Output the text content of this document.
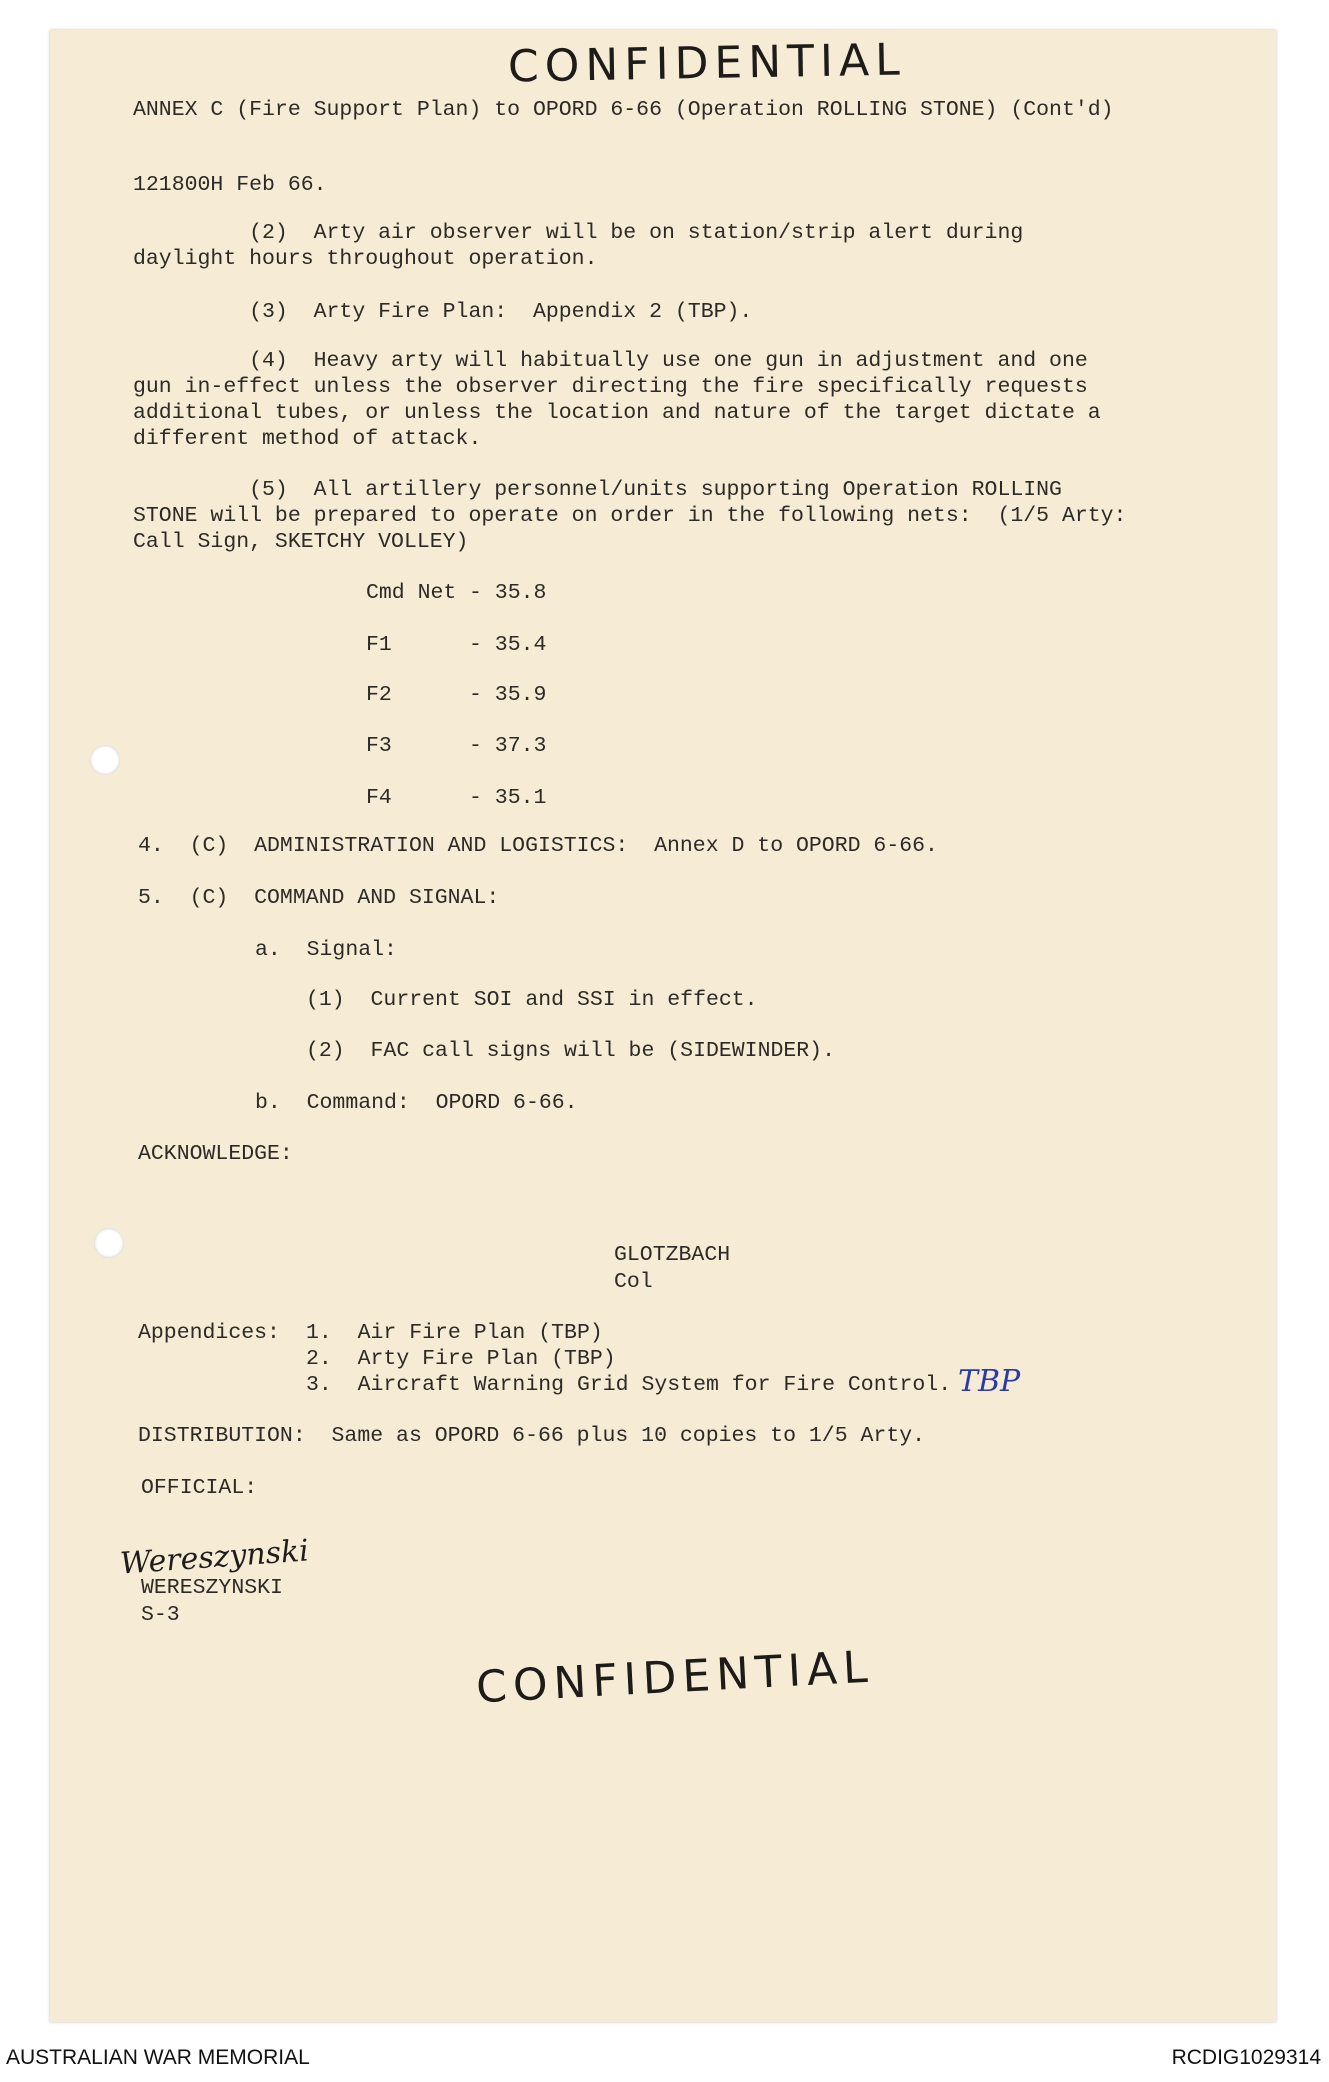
CONFIDENTIAL

ANNEX C (Fire Support Plan) to OPORD 6-66 (Operation ROLLING STONE) (Cont'd)

121800H Feb 66.

(2)  Arty air observer will be on station/strip alert during

daylight hours throughout operation.

(3)  Arty Fire Plan:  Appendix 2 (TBP).

(4)  Heavy arty will habitually use one gun in adjustment and one

gun in-effect unless the observer directing the fire specifically requests

additional tubes, or unless the location and nature of the target dictate a

different method of attack.

(5)  All artillery personnel/units supporting Operation ROLLING

STONE will be prepared to operate on order in the following nets:  (1/5 Arty:

Call Sign, SKETCHY VOLLEY)

Cmd Net - 35.8

F1	- 35.4

F2	- 35.9

F3	- 37.3

F4	- 35.1

4.  (C)  ADMINISTRATION AND LOGISTICS:  Annex D to OPORD 6-66.

5.  (C)  COMMAND AND SIGNAL:

a.  Signal:

(1)  Current SOI and SSI in effect.

(2)  FAC call signs will be (SIDEWINDER).

b.  Command:  OPORD 6-66.

ACKNOWLEDGE:

GLOTZBACH

Col

Appendices: 1.  Air Fire Plan (TBP)

2.  Arty Fire Plan (TBP)

3.  Aircraft Warning Grid System for Fire Control. TBP

DISTRIBUTION:  Same as OPORD 6-66 plus 10 copies to 1/5 Arty.

OFFICIAL:

Wereszynski

WERESZYNSKI

S-3

CONFIDENTIAL
AUSTRALIAN WAR MEMORIAL	RCDIG1029314
